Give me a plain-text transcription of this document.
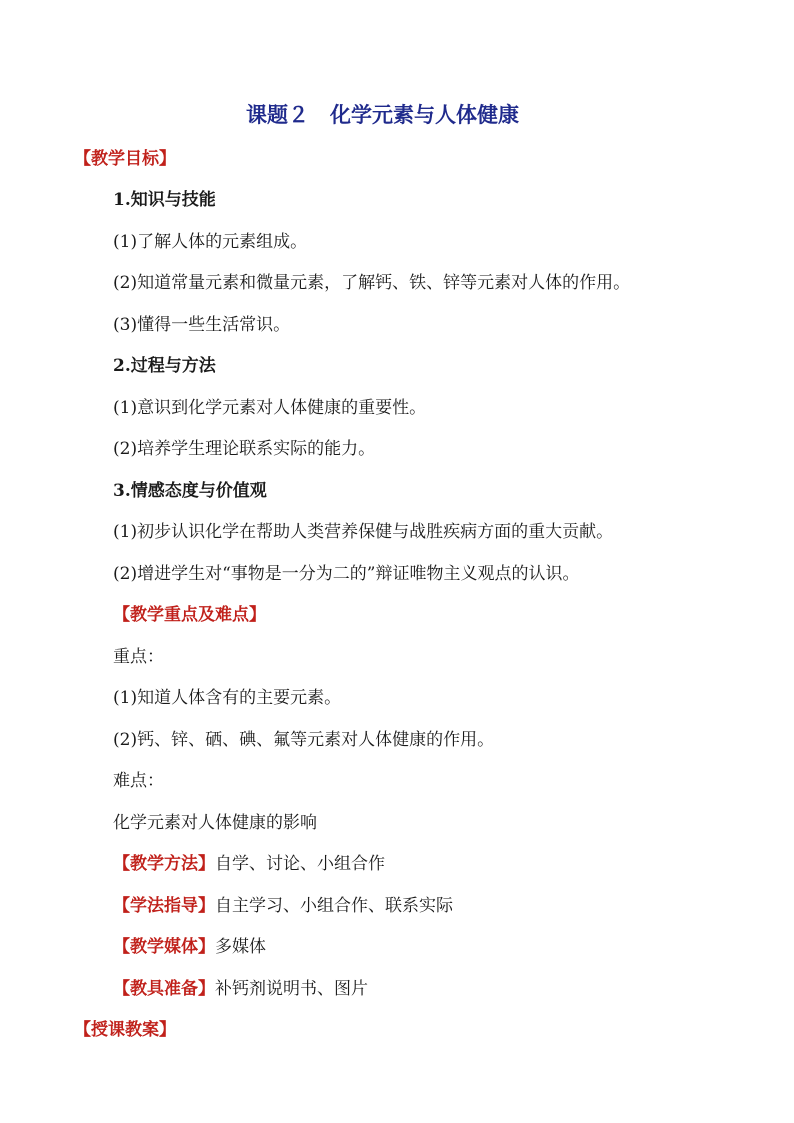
课题２　化学元素与人体健康
【教学目标】
1.知识与技能
(1)了解人体的元素组成。
(2)知道常量元素和微量元素，了解钙、铁、锌等元素对人体的作用。
(3)懂得一些生活常识。
2.过程与方法
(1)意识到化学元素对人体健康的重要性。
(2)培养学生理论联系实际的能力。
3.情感态度与价值观
(1)初步认识化学在帮助人类营养保健与战胜疾病方面的重大贡献。
(2)增进学生对“事物是一分为二的”辩证唯物主义观点的认识。
【教学重点及难点】
重点：
(1)知道人体含有的主要元素。
(2)钙、锌、硒、碘、氟等元素对人体健康的作用。
难点：
化学元素对人体健康的影响
【教学方法】自学、讨论、小组合作
【学法指导】自主学习、小组合作、联系实际
【教学媒体】多媒体
【教具准备】补钙剂说明书、图片
【授课教案】
